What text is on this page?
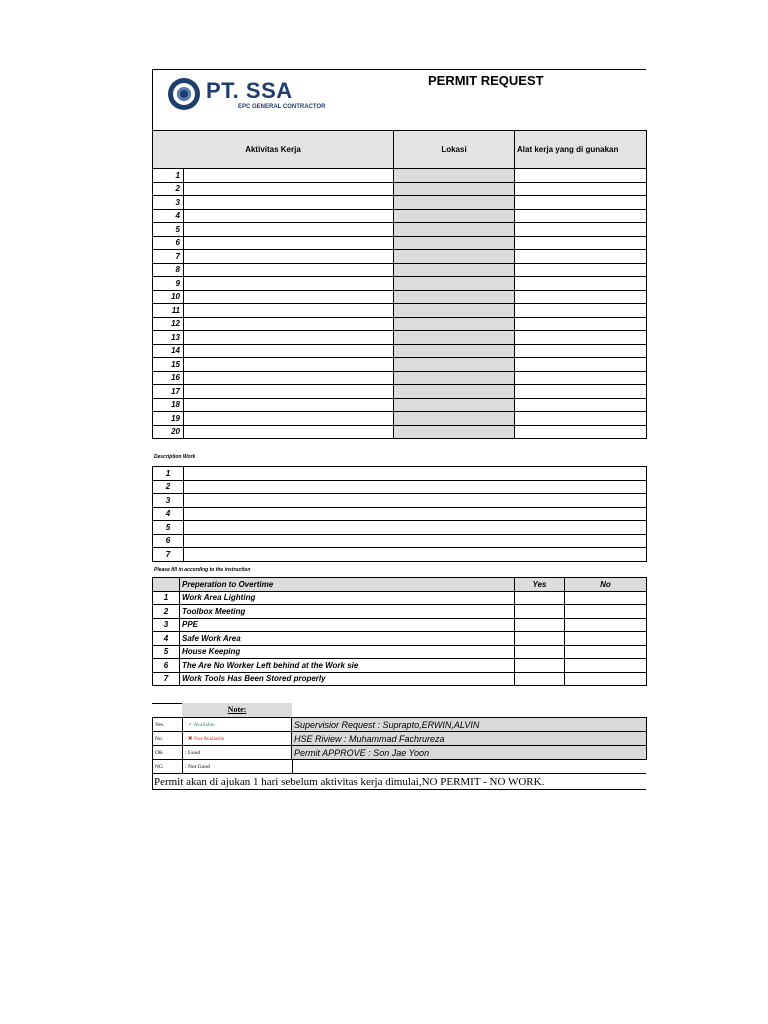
PT. SSA
EPC GENERAL CONTRACTOR
PERMIT REQUEST
Aktivitas Kerja		Lokasi	Alat kerja yang di gunakan
1			
2			
3			
4			
5			
6			
7			
8			
9			
10			
11			
12			
13			
14			
15			
16			
17			
18			
19			
20			
Description Work
1	
2	
3	
4	
5	
6	
7	
Please fill in according to the instruction
	Preperation to Overtime	Yes	No
1	Work Area Lighting		
2	Toolbox Meeting		
3	PPE		
4	Safe Work Area		
5	House Keeping		
6	The Are No Worker Left behind at the Work sie		
7	Work Tools Has Been Stored properly		
Note:
Yes	: ✓ Available
No	: ✖ Not Available
OK	: Good
NG	: Not Good
Supervisior Request : Suprapto,ERWIN,ALVIN
HSE Riview : Muhammad Fachrureza
Permit APPROVE : Son Jae Yoon
Permit akan di ajukan 1 hari sebelum aktivitas kerja dimulai,NO PERMIT - NO WORK.
